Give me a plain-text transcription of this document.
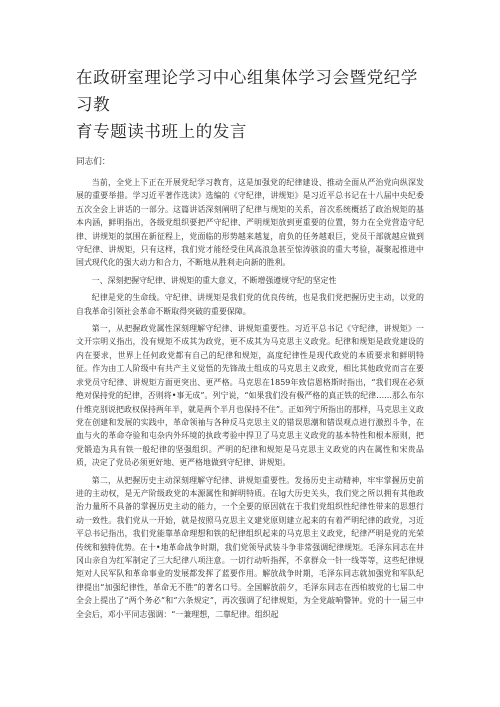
在政研室理论学习中心组集体学习会暨党纪学习教
育专题读书班上的发言

同志们：

当前，全党上下正在开展党纪学习教育，这是加强党的纪律建设、推动全面从严治党向纵深发展的重要举措。学习近平著作选读》选编的《守纪律，讲规矩》是习近平总书记在十八届中央纪委五次全会上讲话的一部分。这篇讲话深刻阐明了纪律与规矩的关系，首次系统概括了政治规矩的基本内涵，鲜明指出，各级党组织要把严守纪律、严明规矩放到更重要的位置，努力在全党营造守纪律、讲规矩的氛围在新征程上，党面临的形势越来越复，肩负的任务越艰巨，党员干部就越应做到守纪律、讲规矩，只有这样，我们党才能经受住风高浪急甚至惊涛骇浪的重大考验，凝聚起推进中国式现代化的强大动力和合力，不断地从胜利走向新的胜利。

一、深刻把握守纪律、讲规矩的重大意义，不断增强遵规守纪的坚定性

纪律是党的生命线。守纪律、讲规矩是我们党的优良传统，也是我们党把握历史主动，以党的自我革命引领社会革命不断取得突破的重要保障。

第一，从把握政党属性深刻理解守纪律、讲规矩重要性。习近平总书记《守纪律，讲规矩》一文开宗明义指出，没有规矩不成其为政党，更不成其为马克思主义政党。纪律和规矩是政党建设的内在要求，世界上任何政党都有自己的纪律和规矩，高度纪律性是现代政党的本质要求和鲜明特征。作为由工人阶级中有共产主义觉悟的先锋战士组成的马克思主义政党，相比其他政党而言在要求党员守纪律、讲规矩方面更突出、更严格。马克思在1859年致信恩格斯时指出，“我们现在必须绝对保持党的纪律，否则将•事无成”。列宁说，“如果我们没有极严格的真正铁的纪律……那么布尔什维克别说把政权保持两年半，就是两个半月也保持不住”。正如列宁所指出的那样，马克思主义政党在创建和发展的实践中，革命领袖与各种反马克思主义的错误思潮和错误观点进行激烈斗争，在血与火的革命夺验和屯杂内外环境的执政考验中捍卫了马克思主义政党的基本特性和根本原则，把党锻造为具有铁一般纪律的坚强组织。严明的纪律和规矩是马克思主义政党的内在属性和宋贵品质，决定了党员必须更好地、更严格地做到守纪律、讲规矩。

第二，从把握历史主动深刻理解守纪律、讲规矩重要性。发扬历史主动精神，牢牢掌握历史前进的主动权，是无产阶级政党的本源属性和鲜明特质。在lg大历史关头，我们党之所以拥有其他政治力量所不具备的掌握历史主动的能力，一个全要的原因就在于我们党组织性纪律性带来的思想行动一致性。我们党从一开始，就是按照马克思主义建党原则建立起来的有着严明纪律的政党，习近平总书记指出，我们党能靠革命理想和铁的纪律组织起来的马克思主义政党，纪律严明是党的光荣传统和独特优势。在十•地革命战争时期，我们党领导武装斗争非常强调纪律规矩。毛泽东同志在井冈山亲自为红军制定了三大纪律八项注意。一切行动听指挥，不拿群众一针一线等等，这些纪律规矩对人民军队和革命事业的发展都发挥了蓝要作用。解放战争时期，毛泽东同志就加强党和军队纪律提出“加强纪律性，革命无不胜”的著名口号。全国解放前夕，毛泽东同志在西柏坡党的七届二中全会上提出了“两个务必”和“六条规定”，再次强调了纪律规矩，为全党敲响警钟。党的十一届三中全会后，邓小平同志强调：“一兼理想，二靠纪律。组织起
